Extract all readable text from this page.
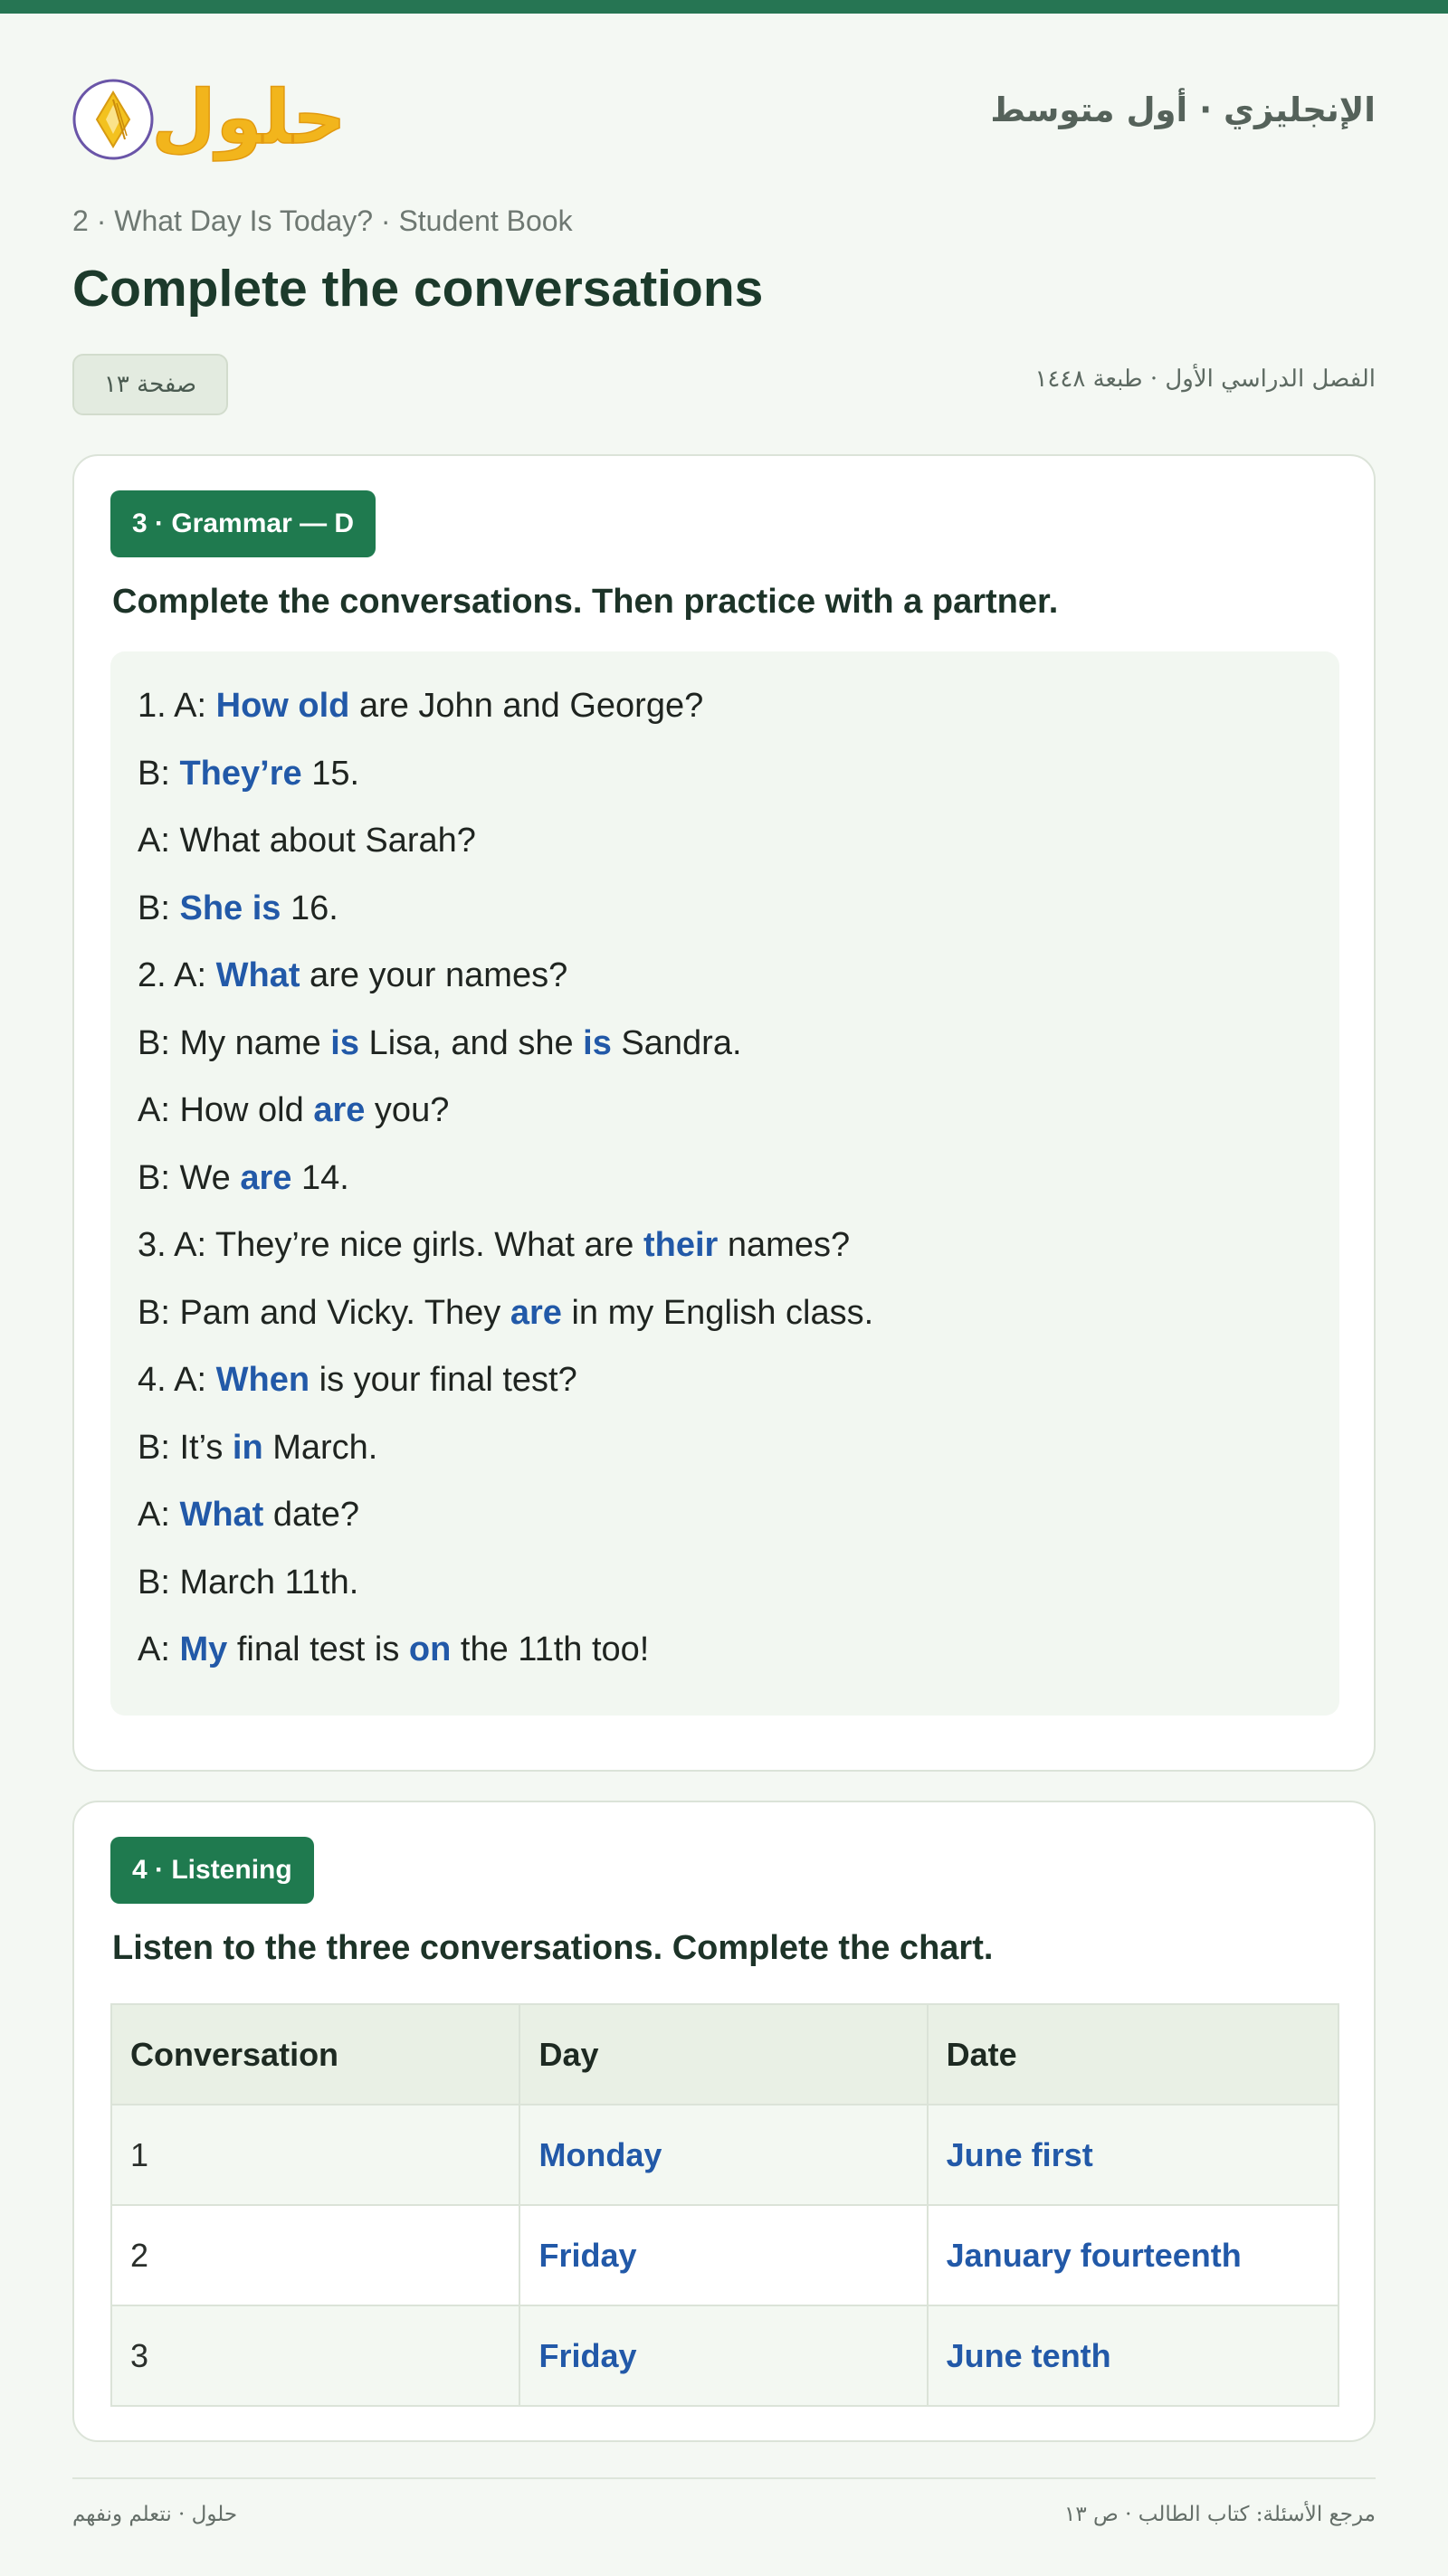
حلول	الإنجليزي · أول متوسط
2 · What Day Is Today? · Student Book
Complete the conversations
صفحة ١٣	الفصل الدراسي الأول · طبعة ١٤٤٨
3 · Grammar — D
Complete the conversations. Then practice with a partner.
1. A: How old are John and George?
B: They’re 15.
A: What about Sarah?
B: She is 16.
2. A: What are your names?
B: My name is Lisa, and she is Sandra.
A: How old are you?
B: We are 14.
3. A: They’re nice girls. What are their names?
B: Pam and Vicky. They are in my English class.
4. A: When is your final test?
B: It’s in March.
A: What date?
B: March 11th.
A: My final test is on the 11th too!
4 · Listening
Listen to the three conversations. Complete the chart.
Conversation	Day	Date
1	Monday	June first
2	Friday	January fourteenth
3	Friday	June tenth
حلول · نتعلم ونفهم	مرجع الأسئلة: كتاب الطالب · ص ١٣
